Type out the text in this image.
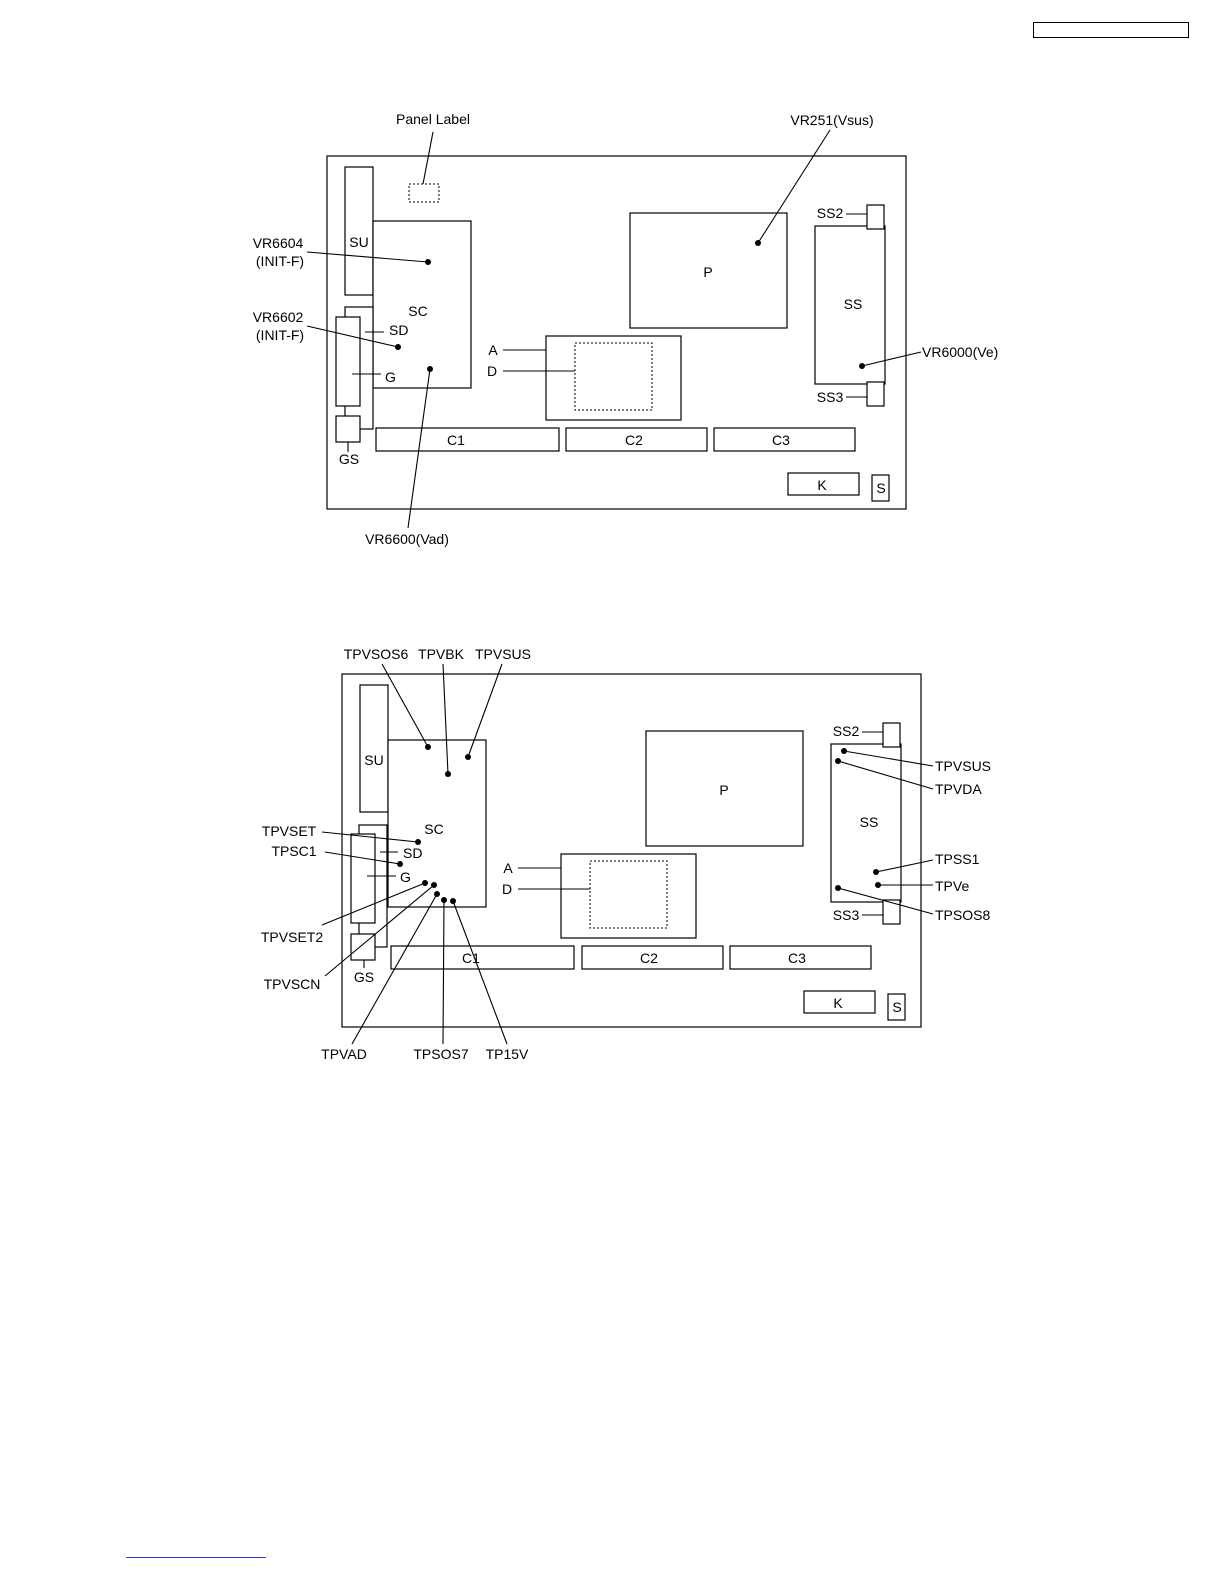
SU
SC
SD
G
GS
Panel Label
P
VR251(Vsus)
SS
SS2
SS3
VR6000(Ve)
A
D
C1	C2	C3
K	S
VR6604
(INIT-F)
VR6602
(INIT-F)
VR6600(Vad)
SU
SC
SD
G
GS
P
SS
SS2
SS3
A
D
C1	C2	C3
K	S
TPVSOS6 TPVBK TPVSUS
TPVSET
TPSC1
TPVSET2
TPVSCN
TPVAD	TPSOS7 TP15V
TPVSUS
TPVDA
TPSS1
TPVe
TPSOS8
